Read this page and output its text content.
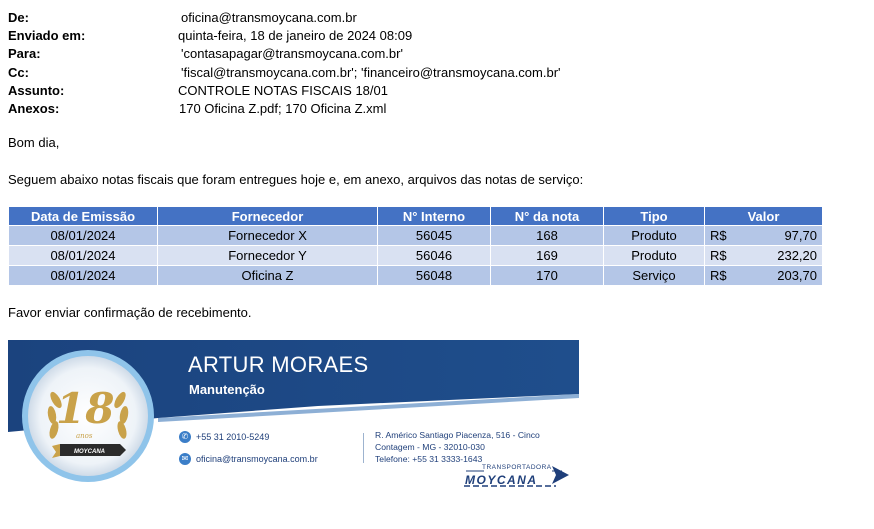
De:	oficina@transmoycana.com.br
Enviado em:	quinta-feira, 18 de janeiro de 2024 08:09
Para:	'contasapagar@transmoycana.com.br'
Cc:	'fiscal@transmoycana.com.br'; 'financeiro@transmoycana.com.br'
Assunto:	CONTROLE NOTAS FISCAIS 18/01
Anexos:	170 Oficina Z.pdf; 170 Oficina Z.xml
Bom dia,
Seguem abaixo notas fiscais que foram entregues hoje e, em anexo, arquivos das notas de serviço:
Data de Emissão	Fornecedor	N° Interno	N° da nota	Tipo	Valor
08/01/2024	Fornecedor X	56045	168	Produto	R$ 97,70

08/01/2024	Fornecedor Y	56046	169	Produto	R$ 232,20

08/01/2024	Oficina Z	56048	170	Serviço	R$ 203,70
Favor enviar confirmação de recebimento.
18
anos
MOYCANA
ARTUR MORAES
Manutenção
✆ +55 31 2010-5249
✉ oficina@transmoycana.com.br
R. Américo Santiago Piacenza, 516 - Cinco
Contagem - MG - 32010-030
Telefone: +55 31 3333-1643
TRANSPORTADORA
MOYCANA
